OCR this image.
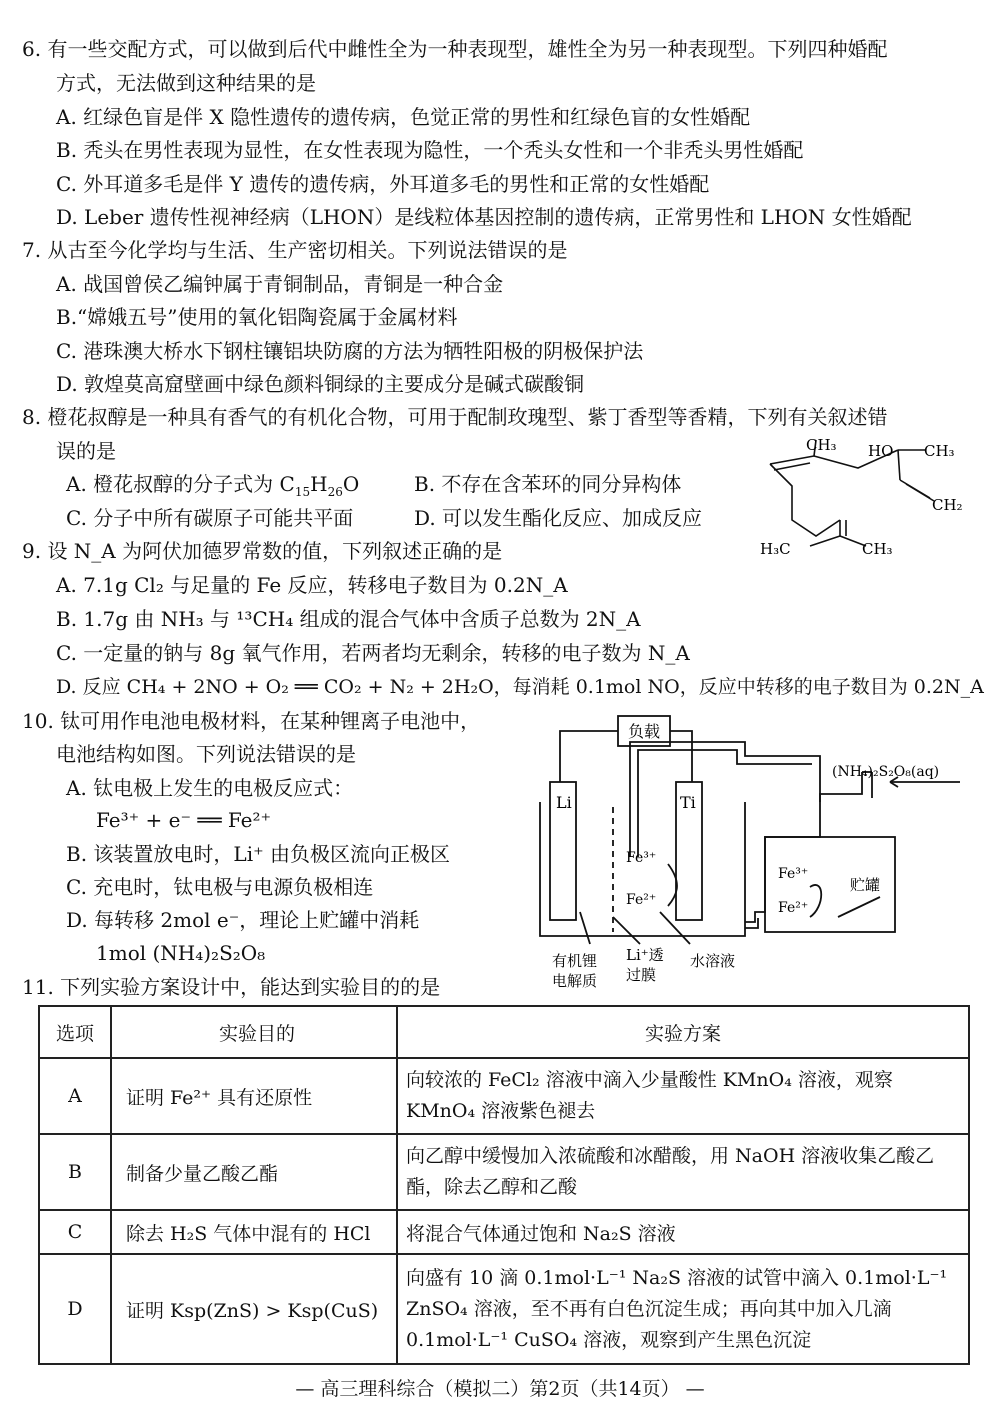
6. 有一些交配方式，可以做到后代中雌性全为一种表现型，雄性全为另一种表现型。下列四种婚配
方式，无法做到这种结果的是
A. 红绿色盲是伴 X 隐性遗传的遗传病，色觉正常的男性和红绿色盲的女性婚配
B. 秃头在男性表现为显性，在女性表现为隐性，一个秃头女性和一个非秃头男性婚配
C. 外耳道多毛是伴 Y 遗传的遗传病，外耳道多毛的男性和正常的女性婚配
D. Leber 遗传性视神经病（LHON）是线粒体基因控制的遗传病，正常男性和 LHON 女性婚配
7. 从古至今化学均与生活、生产密切相关。下列说法错误的是
A. 战国曾侯乙编钟属于青铜制品，青铜是一种合金
B.“嫦娥五号”使用的氧化铝陶瓷属于金属材料
C. 港珠澳大桥水下钢柱镶铝块防腐的方法为牺牲阳极的阴极保护法
D. 敦煌莫高窟壁画中绿色颜料铜绿的主要成分是碱式碳酸铜
8. 橙花叔醇是一种具有香气的有机化合物，可用于配制玫瑰型、紫丁香型等香精，下列有关叙述错
误的是
A. 橙花叔醇的分子式为 $C_{15}H_{26}O$	B. 不存在含苯环的同分异构体
C. 分子中所有碳原子可能共平面	D. 可以发生酯化反应、加成反应
CH₃ HO CH₃
CH₂
H₃C	CH₃
9. 设 N_A 为阿伏加德罗常数的值，下列叙述正确的是
A. 7.1g Cl₂ 与足量的 Fe 反应，转移电子数目为 0.2N_A
B. 1.7g 由 NH₃ 与 ¹³CH₄ 组成的混合气体中含质子总数为 2N_A
C. 一定量的钠与 8g 氧气作用，若两者均无剩余，转移的电子数为 N_A
D. 反应 CH₄ + 2NO + O₂ ══ CO₂ + N₂ + 2H₂O，每消耗 0.1mol NO，反应中转移的电子数目为 0.2N_A
10. 钛可用作电池电极材料，在某种锂离子电池中，
电池结构如图。下列说法错误的是
A. 钛电极上发生的电极反应式：
Fe³⁺ + e⁻ ══ Fe²⁺
B. 该装置放电时，Li⁺ 由负极区流向正极区
C. 充电时，钛电极与电源负极相连
D. 每转移 2mol e⁻，理论上贮罐中消耗
1mol (NH₄)₂S₂O₈
负载
Li	Ti
(NH₄)₂S₂O₈(aq)
Fe³⁺
Fe²⁺
Fe³⁺
Fe²⁺
贮罐
有机锂
电解质
Li⁺透
过膜
水溶液
11. 下列实验方案设计中，能达到实验目的的是
选项	实验目的	实验方案
A	证明 Fe²⁺ 具有还原性	向较浓的 FeCl₂ 溶液中滴入少量酸性 KMnO₄ 溶液，观察 KMnO₄ 溶液紫色褪去
B	制备少量乙酸乙酯	向乙醇中缓慢加入浓硫酸和冰醋酸，用 NaOH 溶液收集乙酸乙酯，除去乙醇和乙酸
C	除去 H₂S 气体中混有的 HCl	将混合气体通过饱和 Na₂S 溶液
D	证明 Ksp(ZnS) > Ksp(CuS)	向盛有 10 滴 0.1mol·L⁻¹ Na₂S 溶液的试管中滴入 0.1mol·L⁻¹ ZnSO₄ 溶液，至不再有白色沉淀生成；再向其中加入几滴 0.1mol·L⁻¹ CuSO₄ 溶液，观察到产生黑色沉淀
— 高三理科综合（模拟二）第2页（共14页） —
